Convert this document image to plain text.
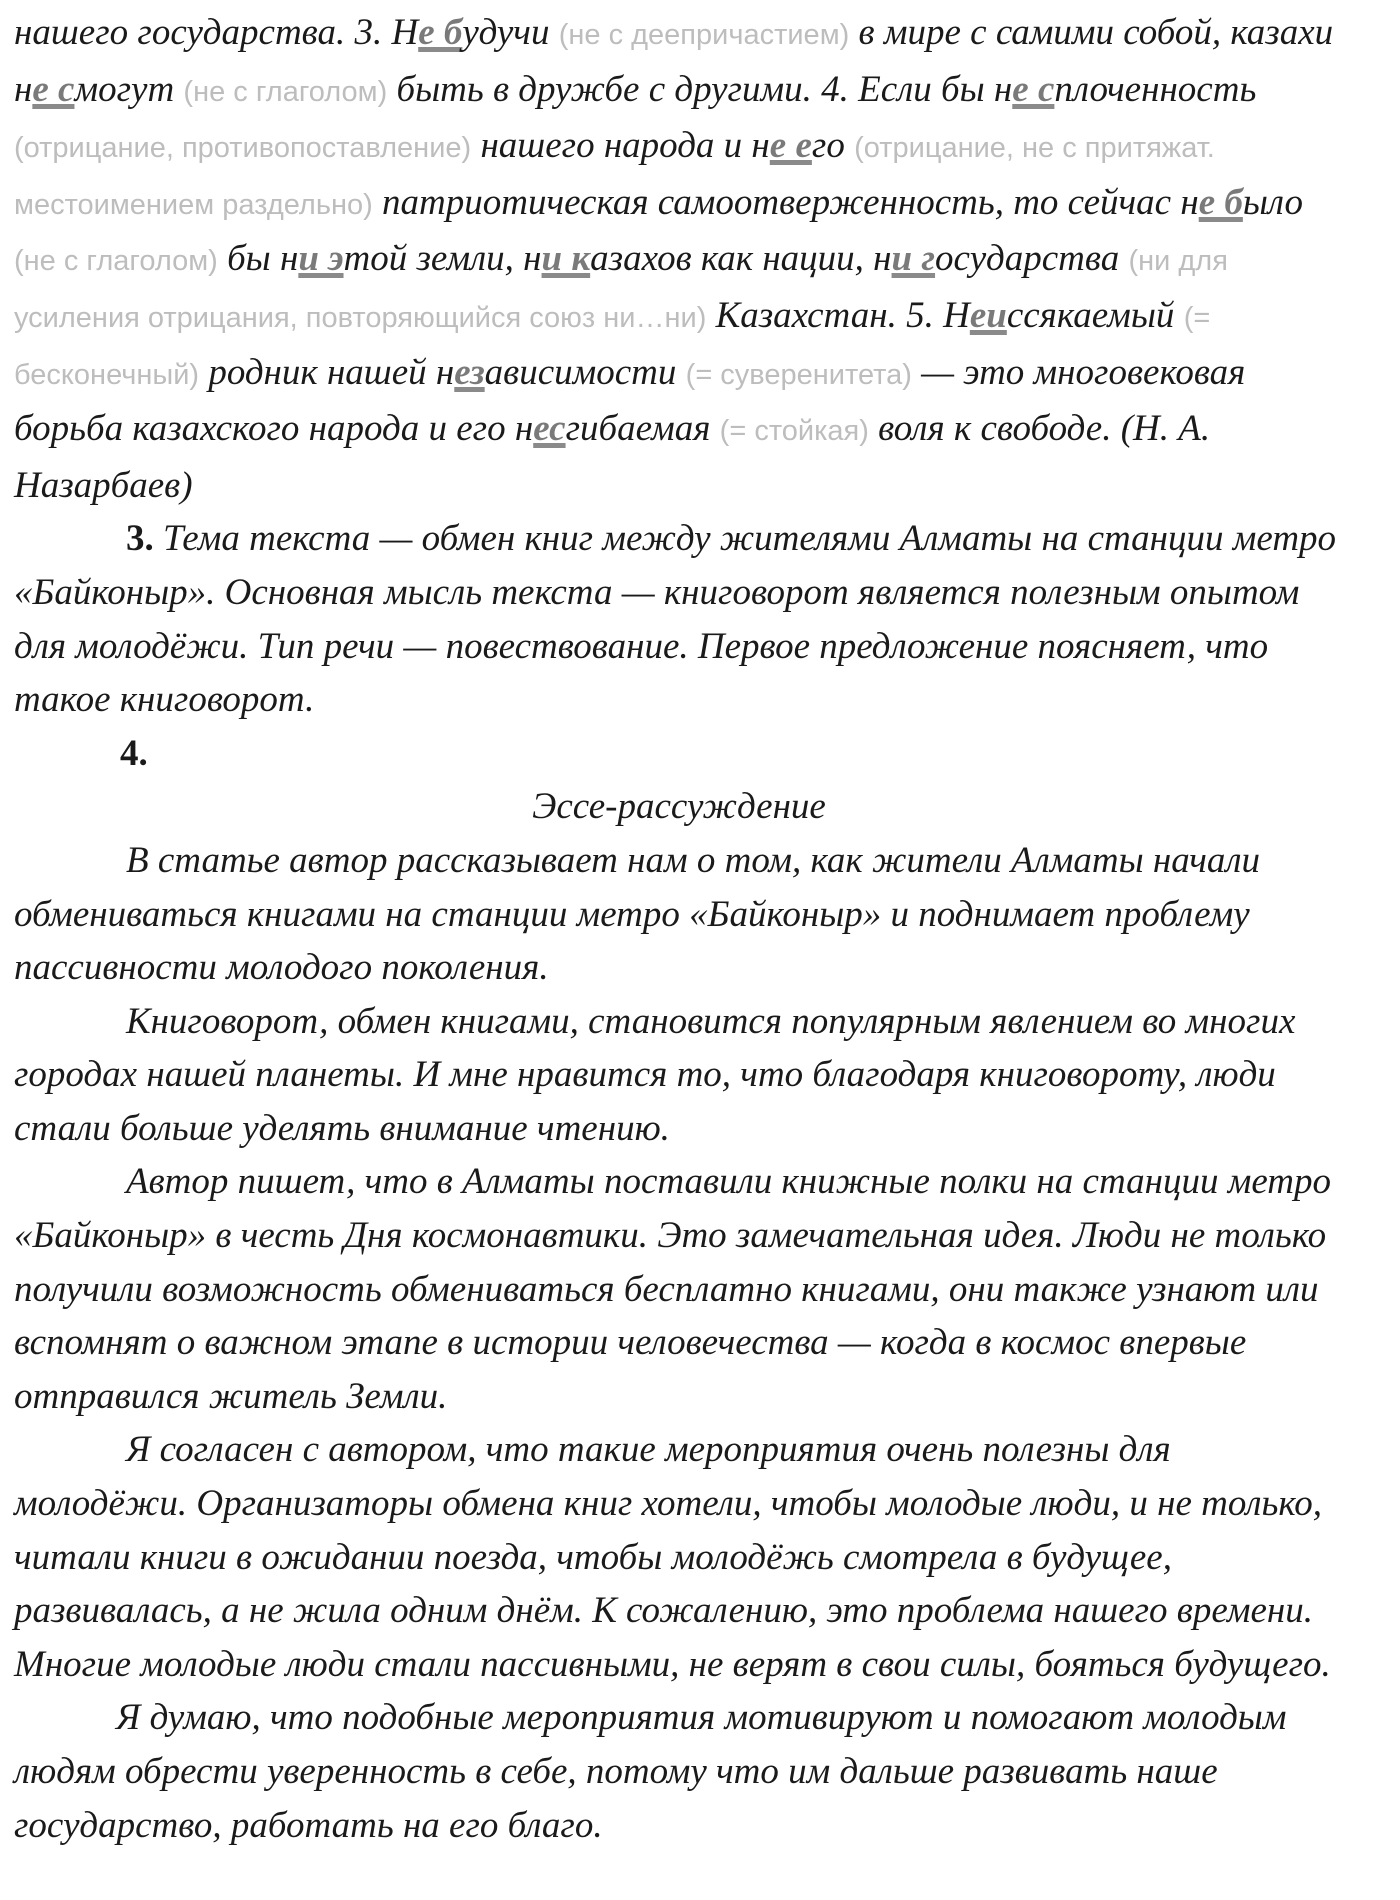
нашего государства. 3. Не будучи (не с деепричастием) в мире с самими собой, казахи не смогут (не с глаголом) быть в дружбе с другими. 4. Если бы не сплоченность (отрицание, противопоставление) нашего народа и не его (отрицание, не с притяжат. местоимением раздельно) патриотическая самоотверженность, то сейчас не было (не с глаголом) бы ни этой земли, ни казахов как нации, ни государства (ни для усиления отрицания, повторяющийся союз ни…ни) Казахстан. 5. Неиссякаемый (= бесконечный) родник нашей независимости (= суверенитета) — это многовековая борьба казахского народа и его несгибаемая (= стойкая) воля к свободе. (Н. А. Назарбаев)

3. Тема текста — обмен книг между жителями Алматы на станции метро «Байконыр». Основная мысль текста — книговорот является полезным опытом для молодёжи. Тип речи — повествование. Первое предложение поясняет, что такое книговорот.

4.

Эссе-рассуждение

В статье автор рассказывает нам о том, как жители Алматы начали обмениваться книгами на станции метро «Байконыр» и поднимает проблему пассивности молодого поколения.

Книговорот, обмен книгами, становится популярным явлением во многих городах нашей планеты. И мне нравится то, что благодаря книговороту, люди стали больше уделять внимание чтению.

Автор пишет, что в Алматы поставили книжные полки на станции метро «Байконыр» в честь Дня космонавтики. Это замечательная идея. Люди не только получили возможность обмениваться бесплатно книгами, они также узнают или вспомнят о важном этапе в истории человечества — когда в космос впервые отправился житель Земли.

Я согласен с автором, что такие мероприятия очень полезны для молодёжи. Организаторы обмена книг хотели, чтобы молодые люди, и не только, читали книги в ожидании поезда, чтобы молодёжь смотрела в будущее, развивалась, а не жила одним днём. К сожалению, это проблема нашего времени. Многие молодые люди стали пассивными, не верят в свои силы, бояться будущего.

Я думаю, что подобные мероприятия мотивируют и помогают молодым людям обрести уверенность в себе, потому что им дальше развивать наше государство, работать на его благо.
